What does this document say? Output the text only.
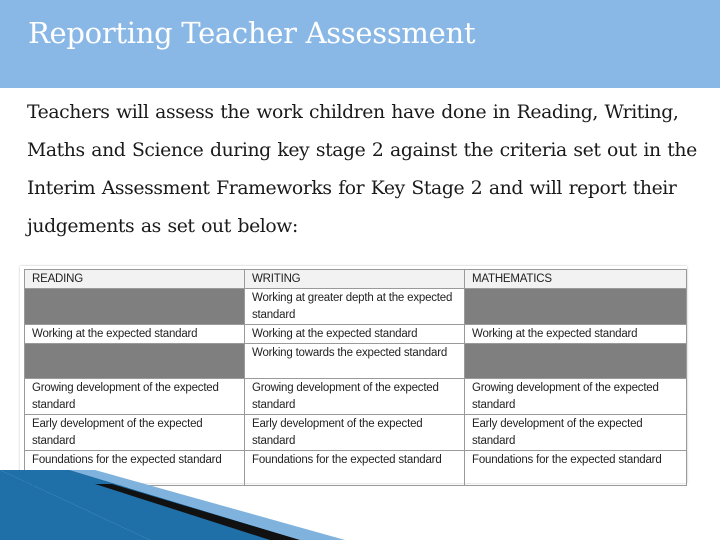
Reporting Teacher Assessment
Teachers will assess the work children have done in Reading, Writing, Maths and Science during key stage 2 against the criteria set out in the Interim Assessment Frameworks for Key Stage 2 and will report their judgements as set out below:
READING	WRITING	MATHEMATICS
	Working at greater depth at the expected standard	
Working at the expected standard	Working at the expected standard	Working at the expected standard
	Working towards the expected standard	
Growing development of the expected standard	Growing development of the expected standard	Growing development of the expected standard
Early development of the expected standard	Early development of the expected standard	Early development of the expected standard
Foundations for the expected standard	Foundations for the expected standard	Foundations for the expected standard
